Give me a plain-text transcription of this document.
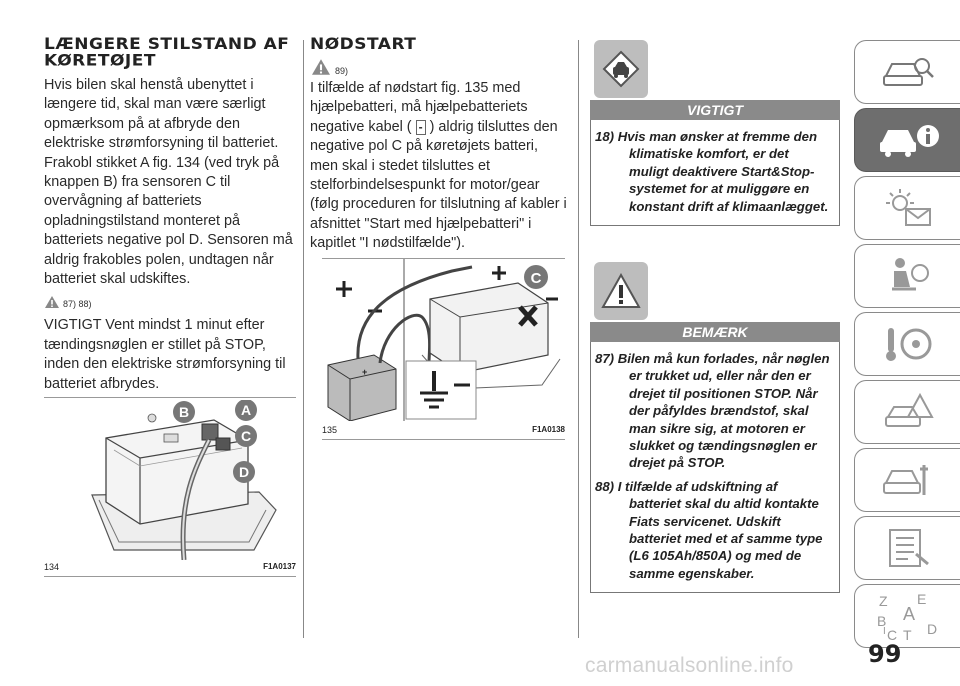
LÆNGERE STILSTAND AF KØRETØJET

Hvis bilen skal henstå ubenyttet i længere tid, skal man være særligt opmærksom på at afbryde den elektriske strømforsyning til batteriet. Frakobl stikket A fig. 134 (ved tryk på knappen B) fra sensoren C til overvågning af batteriets opladningstilstand monteret på batteriets negative pol D. Sensoren må aldrig frakobles polen, undtagen når batteriet skal udskiftes.

87) 88)

VIGTIGT Vent mindst 1 minut efter tændingsnøglen er stillet på STOP, inden den elektriske strømforsyning til batteriet afbrydes.

B	A
C
D
134	F1A0137
NØDSTART
89)

I tilfælde af nødstart fig. 135 med hjælpebatteri, må hjælpebatteriets negative kabel ( - ) aldrig tilsluttes den negative pol C på køretøjets batteri, men skal i stedet tilsluttes et stelforbindelsespunkt for motor/gear (følg proceduren for tilslutning af kabler i afsnittet "Start med hjælpebatteri" i kapitlet "I nødstilfælde").

+
C
135	F1A0138
VIGTIGT

18) Hvis man ønsker at fremme den klimatiske komfort, er det muligt deaktivere Start&Stop-systemet for at muliggøre en konstant drift af klimaanlægget.

BEMÆRK

87) Bilen må kun forlades, når nøglen er trukket ud, eller når den er drejet til positionen STOP. Når der påfyldes brændstof, skal man sikre sig, at motoren er slukket og tændingsnøglen er drejet på STOP.

88) I tilfælde af udskiftning af batteriet skal du altid kontakte Fiats servicenet. Udskift batteriet med et af samme type (L6 105Ah/850A) og med de samme egenskaber.

Z E
A
B
C T D
I
99
carmanualsonline.info
